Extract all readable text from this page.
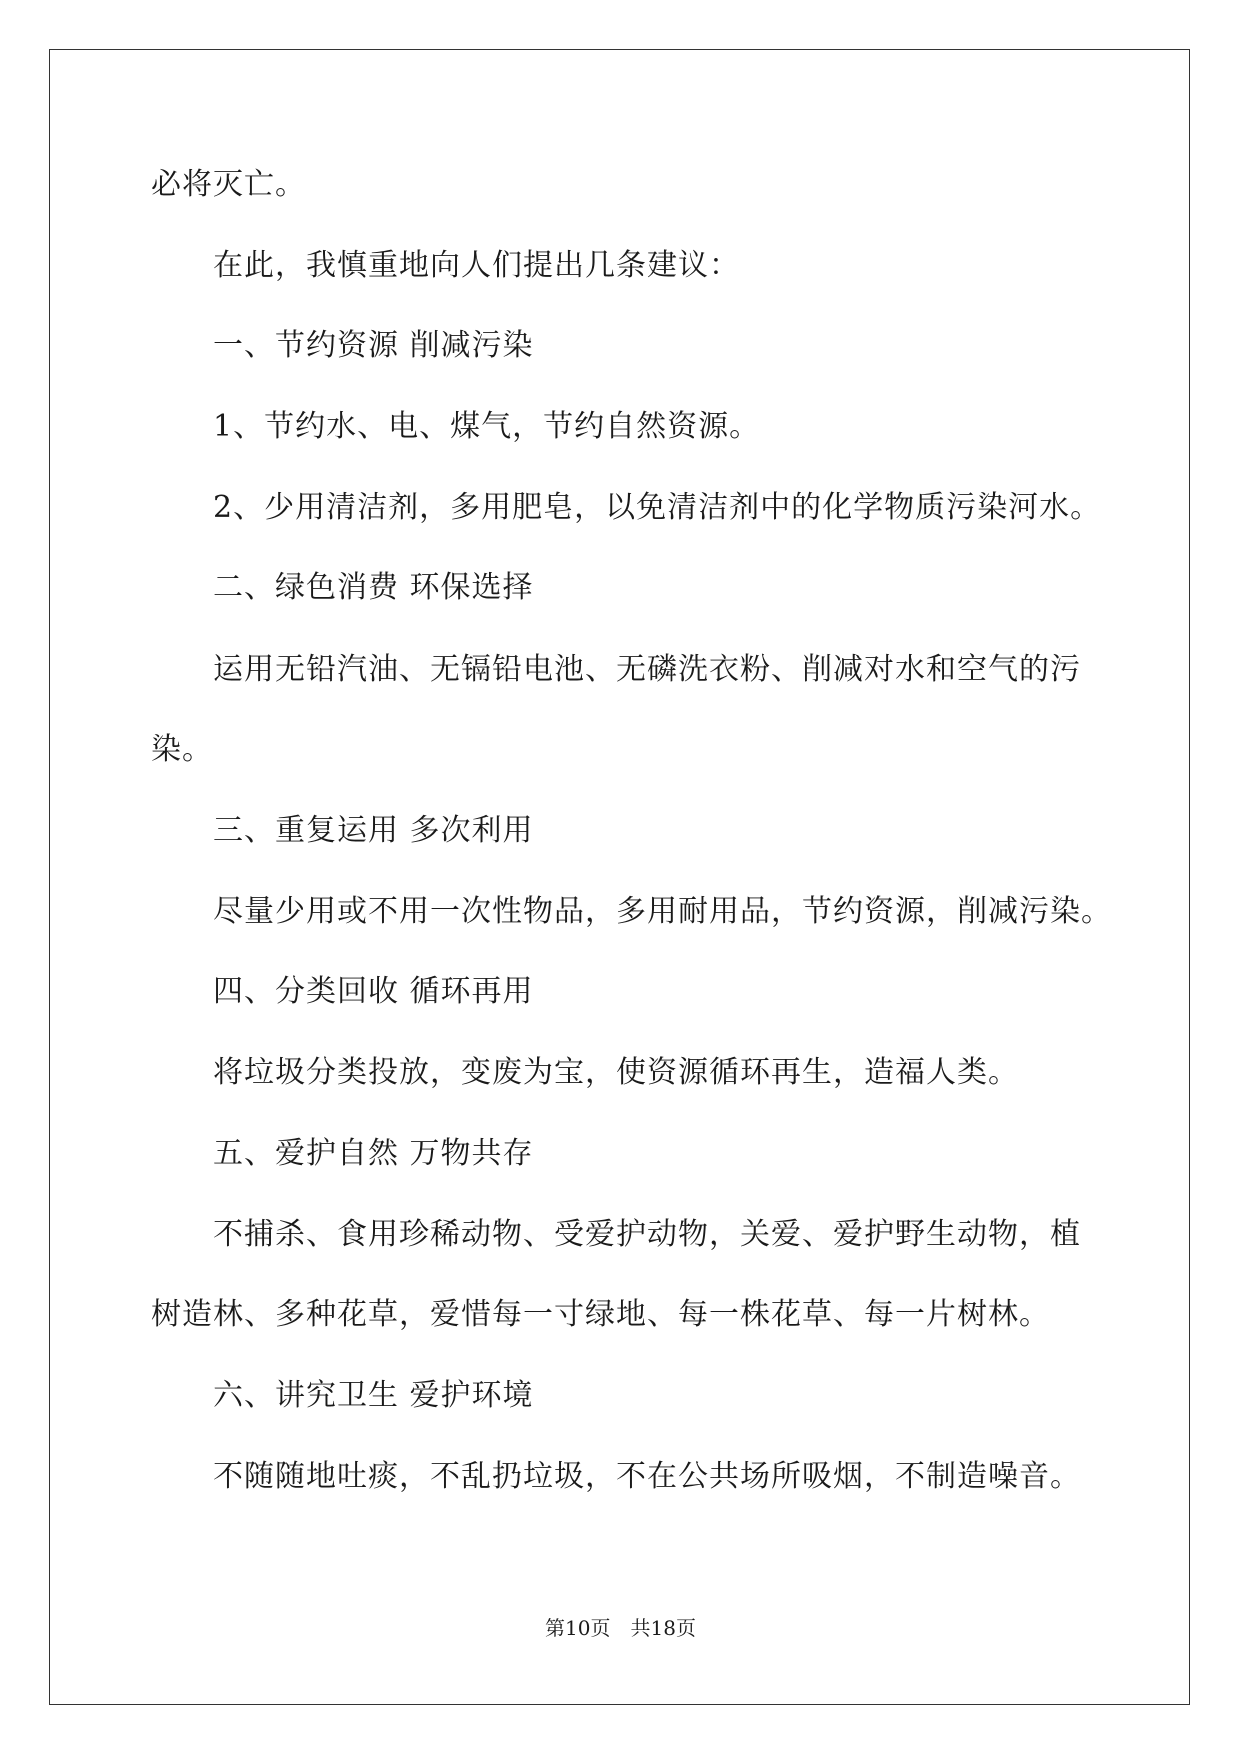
必将灭亡。
在此，我慎重地向人们提出几条建议：
一、节约资源 削减污染
1、节约水、电、煤气，节约自然资源。
2、少用清洁剂，多用肥皂，以免清洁剂中的化学物质污染河水。
二、绿色消费 环保选择
运用无铅汽油、无镉铅电池、无磷洗衣粉、削减对水和空气的污
染。
三、重复运用 多次利用
尽量少用或不用一次性物品，多用耐用品，节约资源，削减污染。
四、分类回收 循环再用
将垃圾分类投放，变废为宝，使资源循环再生，造福人类。
五、爱护自然 万物共存
不捕杀、食用珍稀动物、受爱护动物，关爱、爱护野生动物，植
树造林、多种花草，爱惜每一寸绿地、每一株花草、每一片树林。
六、讲究卫生 爱护环境
不随随地吐痰，不乱扔垃圾，不在公共场所吸烟，不制造噪音。
第10页　共18页
